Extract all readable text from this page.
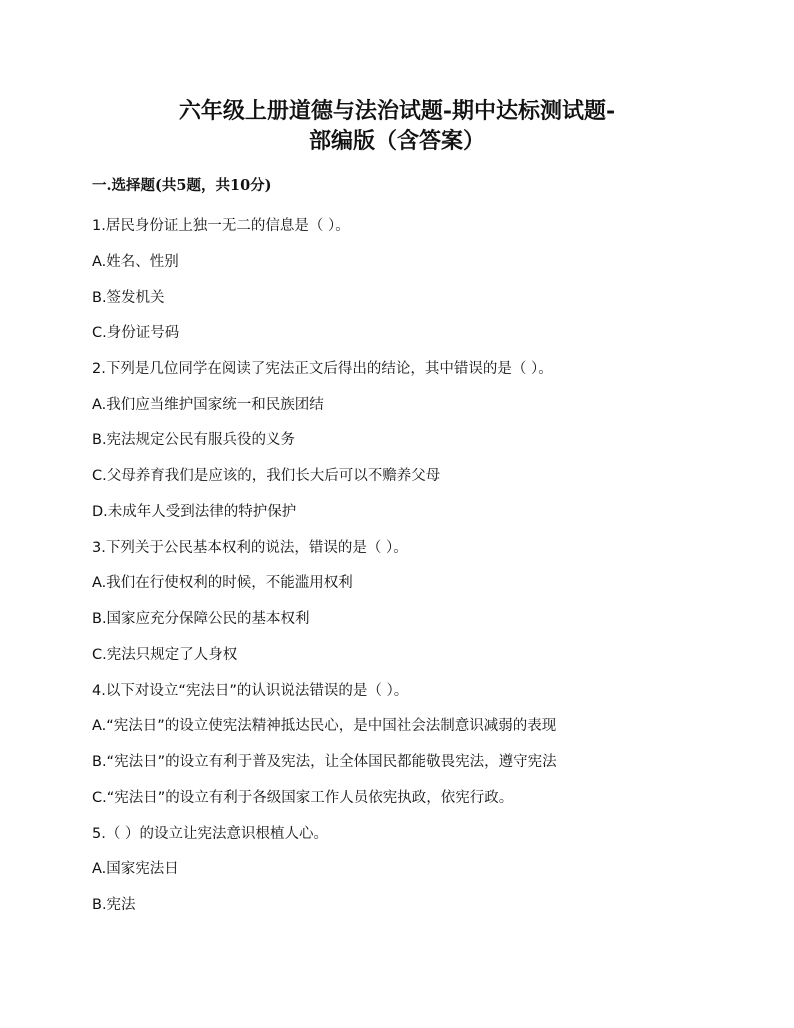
六年级上册道德与法治试题-期中达标测试题-
部编版（含答案）
一.选择题(共5题，共10分)
1.居民身份证上独一无二的信息是（ ）。
A.姓名、性别
B.签发机关
C.身份证号码
2.下列是几位同学在阅读了宪法正文后得出的结论，其中错误的是（ ）。
A.我们应当维护国家统一和民族团结
B.宪法规定公民有服兵役的义务
C.父母养育我们是应该的，我们长大后可以不赡养父母
D.未成年人受到法律的特护保护
3.下列关于公民基本权利的说法，错误的是（ ）。
A.我们在行使权利的时候，不能滥用权利
B.国家应充分保障公民的基本权利
C.宪法只规定了人身权
4.以下对设立“宪法日”的认识说法错误的是（ ）。
A.“宪法日”的设立使宪法精神抵达民心，是中国社会法制意识减弱的表现
B.“宪法日”的设立有利于普及宪法，让全体国民都能敬畏宪法，遵守宪法
C.“宪法日”的设立有利于各级国家工作人员依宪执政，依宪行政。
5.（ ）的设立让宪法意识根植人心。
A.国家宪法日
B.宪法
